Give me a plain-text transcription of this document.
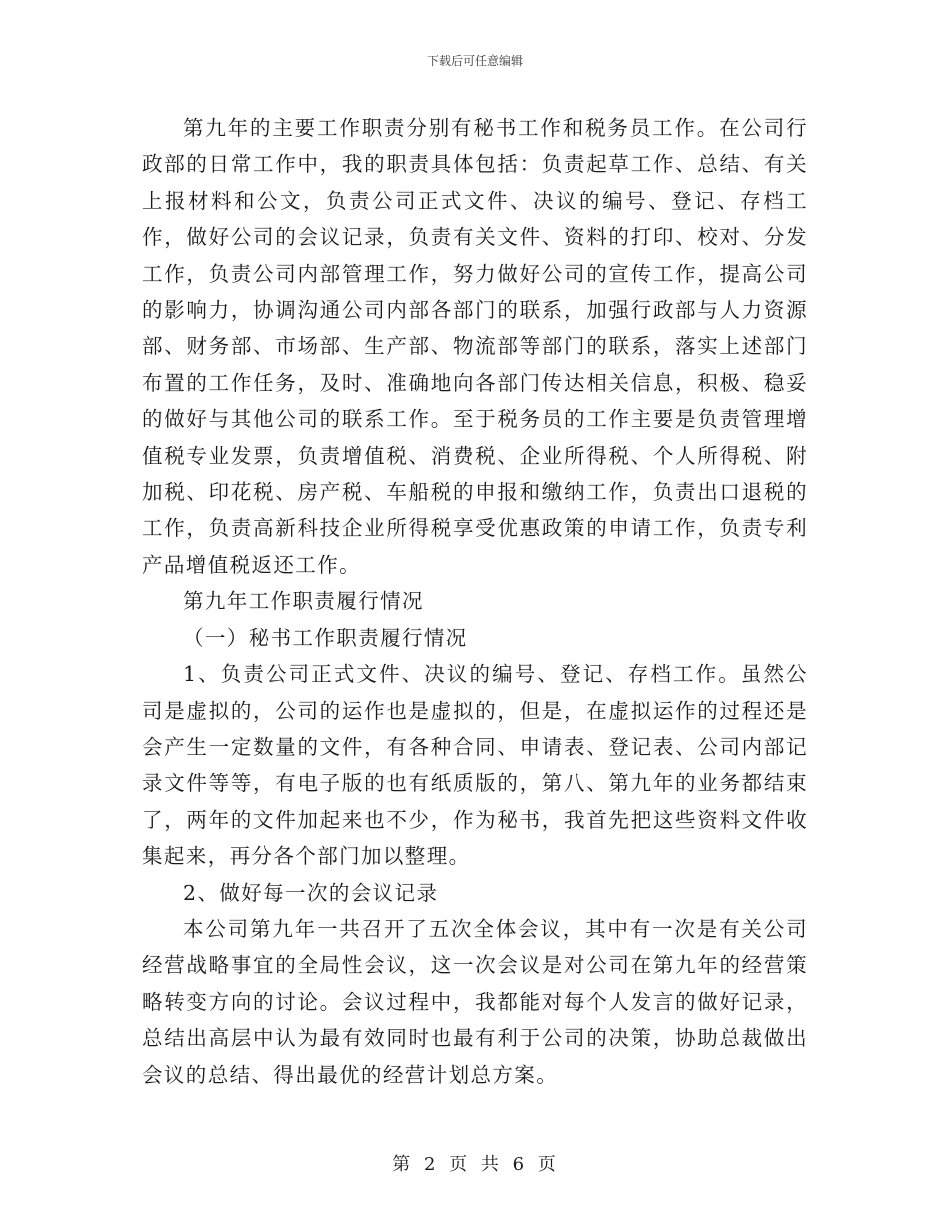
下载后可任意编辑

第九年的主要工作职责分别有秘书工作和税务员工作。在公司行政部的日常工作中，我的职责具体包括：负责起草工作、总结、有关上报材料和公文，负责公司正式文件、决议的编号、登记、存档工作，做好公司的会议记录，负责有关文件、资料的打印、校对、分发工作，负责公司内部管理工作，努力做好公司的宣传工作，提高公司的影响力，协调沟通公司内部各部门的联系，加强行政部与人力资源部、财务部、市场部、生产部、物流部等部门的联系，落实上述部门布置的工作任务，及时、准确地向各部门传达相关信息，积极、稳妥的做好与其他公司的联系工作。至于税务员的工作主要是负责管理增值税专业发票，负责增值税、消费税、企业所得税、个人所得税、附加税、印花税、房产税、车船税的申报和缴纳工作，负责出口退税的工作，负责高新科技企业所得税享受优惠政策的申请工作，负责专利产品增值税返还工作。

第九年工作职责履行情况

（一）秘书工作职责履行情况

1、负责公司正式文件、决议的编号、登记、存档工作。虽然公司是虚拟的，公司的运作也是虚拟的，但是，在虚拟运作的过程还是会产生一定数量的文件，有各种合同、申请表、登记表、公司内部记录文件等等，有电子版的也有纸质版的，第八、第九年的业务都结束了，两年的文件加起来也不少，作为秘书，我首先把这些资料文件收集起来，再分各个部门加以整理。

2、做好每一次的会议记录

本公司第九年一共召开了五次全体会议，其中有一次是有关公司经营战略事宜的全局性会议，这一次会议是对公司在第九年的经营策略转变方向的讨论。会议过程中，我都能对每个人发言的做好记录，总结出高层中认为最有效同时也最有利于公司的决策，协助总裁做出会议的总结、得出最优的经营计划总方案。

第 2 页 共 6 页
